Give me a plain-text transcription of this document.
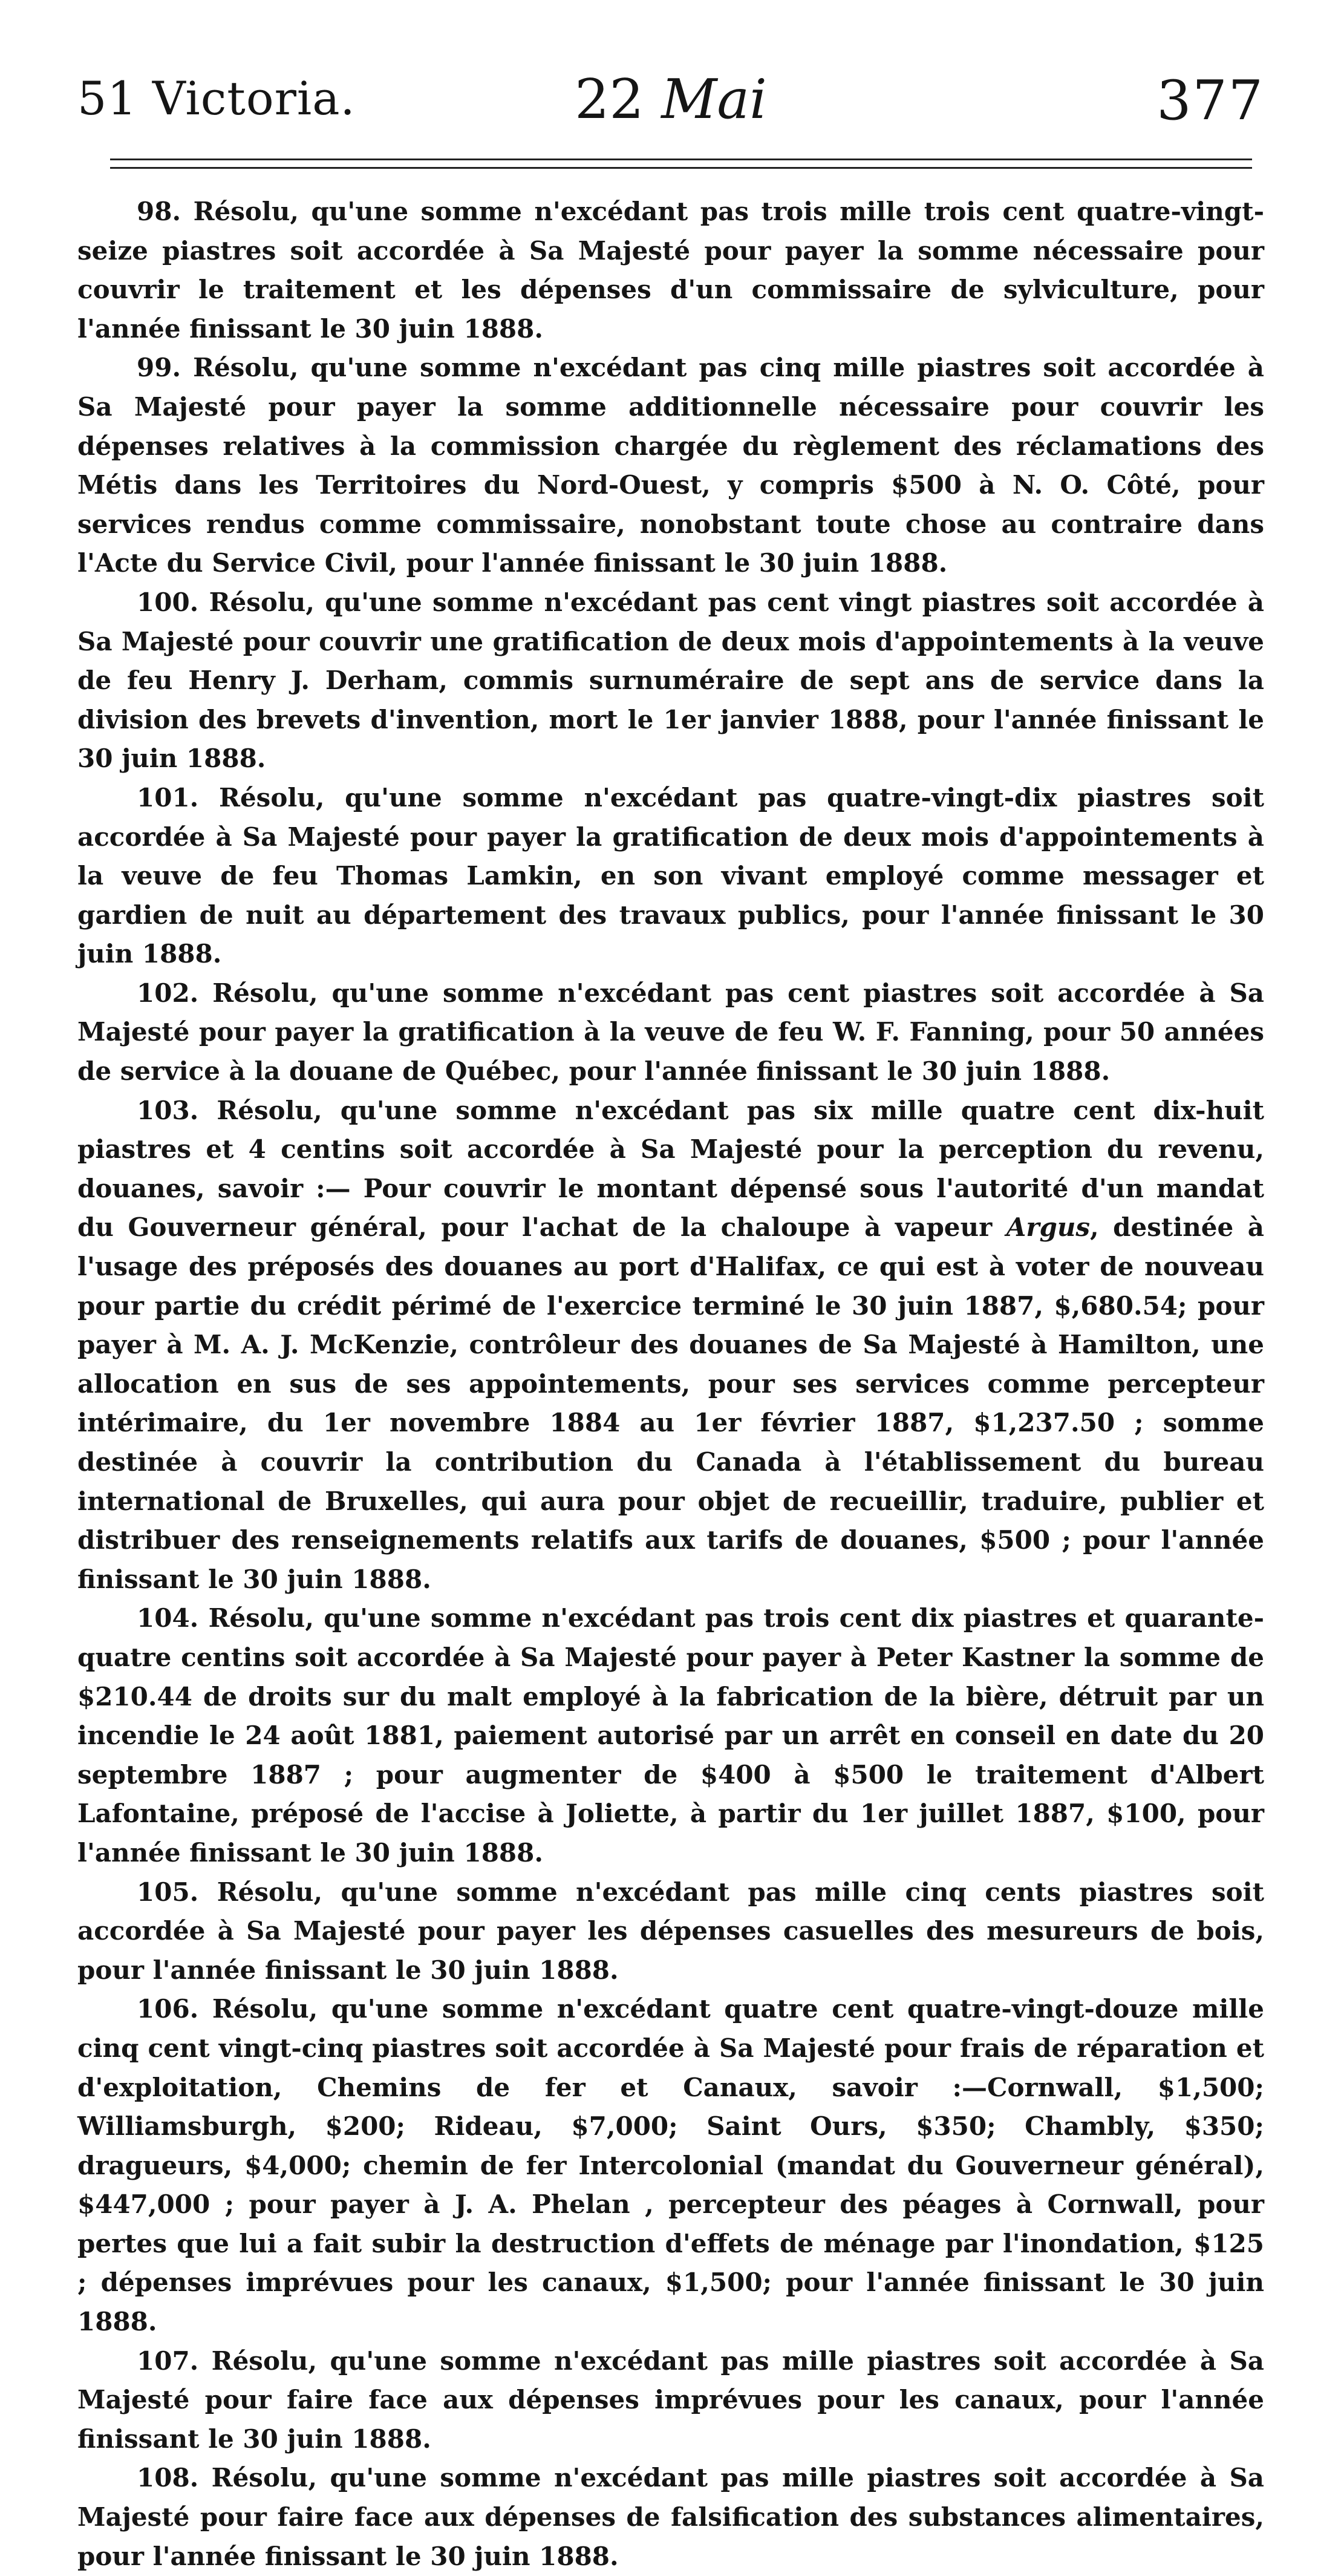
51 Victoria.	22 Mai	377

98. Résolu, qu'une somme n'excédant pas trois mille trois cent quatre-vingt-seize piastres soit accordée à Sa Majesté pour payer la somme nécessaire pour couvrir le traitement et les dépenses d'un commissaire de sylviculture, pour l'année finissant le 30 juin 1888.

99. Résolu, qu'une somme n'excédant pas cinq mille piastres soit accordée à Sa Majesté pour payer la somme additionnelle nécessaire pour couvrir les dépenses relatives à la commission chargée du règlement des réclamations des Métis dans les Territoires du Nord-Ouest, y compris $500 à N. O. Côté, pour services rendus comme commissaire, nonobstant toute chose au contraire dans l'Acte du Service Civil, pour l'année finissant le 30 juin 1888.

100. Résolu, qu'une somme n'excédant pas cent vingt piastres soit accordée à Sa Majesté pour couvrir une gratification de deux mois d'appointements à la veuve de feu Henry J. Derham, commis surnuméraire de sept ans de service dans la division des brevets d'invention, mort le 1er janvier 1888, pour l'année finissant le 30 juin 1888.

101. Résolu, qu'une somme n'excédant pas quatre-vingt-dix piastres soit accordée à Sa Majesté pour payer la gratification de deux mois d'appointements à la veuve de feu Thomas Lamkin, en son vivant employé comme messager et gardien de nuit au département des travaux publics, pour l'année finissant le 30 juin 1888.

102. Résolu, qu'une somme n'excédant pas cent piastres soit accordée à Sa Majesté pour payer la gratification à la veuve de feu W. F. Fanning, pour 50 années de service à la douane de Québec, pour l'année finissant le 30 juin 1888.

103. Résolu, qu'une somme n'excédant pas six mille quatre cent dix-huit piastres et 4 centins soit accordée à Sa Majesté pour la perception du revenu, douanes, savoir :— Pour couvrir le montant dépensé sous l'autorité d'un mandat du Gouverneur général, pour l'achat de la chaloupe à vapeur Argus, destinée à l'usage des préposés des douanes au port d'Halifax, ce qui est à voter de nouveau pour partie du crédit périmé de l'exercice terminé le 30 juin 1887, $,680.54; pour payer à M. A. J. McKenzie, contrôleur des douanes de Sa Majesté à Hamilton, une allocation en sus de ses appointements, pour ses services comme percepteur intérimaire, du 1er novembre 1884 au 1er février 1887, $1,237.50 ; somme destinée à couvrir la contribution du Canada à l'établissement du bureau international de Bruxelles, qui aura pour objet de recueillir, traduire, publier et distribuer des renseignements relatifs aux tarifs de douanes, $500 ; pour l'année finissant le 30 juin 1888.

104. Résolu, qu'une somme n'excédant pas trois cent dix piastres et quarante-quatre centins soit accordée à Sa Majesté pour payer à Peter Kastner la somme de $210.44 de droits sur du malt employé à la fabrication de la bière, détruit par un incendie le 24 août 1881, paiement autorisé par un arrêt en conseil en date du 20 septembre 1887 ; pour augmenter de $400 à $500 le traitement d'Albert Lafontaine, préposé de l'accise à Joliette, à partir du 1er juillet 1887, $100, pour l'année finissant le 30 juin 1888.

105. Résolu, qu'une somme n'excédant pas mille cinq cents piastres soit accordée à Sa Majesté pour payer les dépenses casuelles des mesureurs de bois, pour l'année finissant le 30 juin 1888.

106. Résolu, qu'une somme n'excédant quatre cent quatre-vingt-douze mille cinq cent vingt-cinq piastres soit accordée à Sa Majesté pour frais de réparation et d'exploitation, Chemins de fer et Canaux, savoir :—Cornwall, $1,500; Williamsburgh, $200; Rideau, $7,000; Saint Ours, $350; Chambly, $350; dragueurs, $4,000; chemin de fer Intercolonial (mandat du Gouverneur général), $447,000 ; pour payer à J. A. Phelan , percepteur des péages à Cornwall, pour pertes que lui a fait subir la destruction d'effets de ménage par l'inondation, $125 ; dépenses imprévues pour les canaux, $1,500; pour l'année finissant le 30 juin 1888.

107. Résolu, qu'une somme n'excédant pas mille piastres soit accordée à Sa Majesté pour faire face aux dépenses imprévues pour les canaux, pour l'année finissant le 30 juin 1888.

108. Résolu, qu'une somme n'excédant pas mille piastres soit accordée à Sa Majesté pour faire face aux dépenses de falsification des substances alimentaires, pour l'année finissant le 30 juin 1888.
